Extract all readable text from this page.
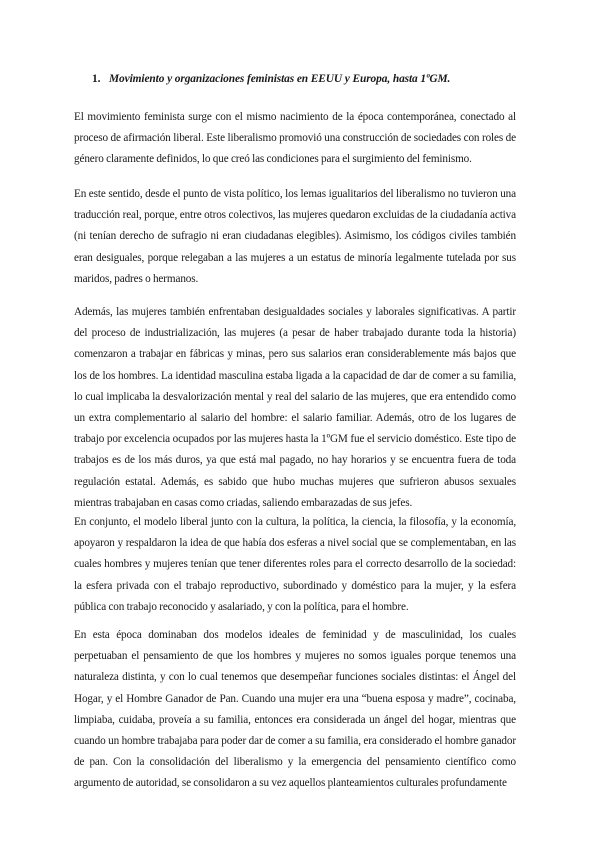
1. Movimiento y organizaciones feministas en EEUU y Europa, hasta 1ºGM.

El movimiento feminista surge con el mismo nacimiento de la época contemporánea, conectado al proceso de afirmación liberal. Este liberalismo promovió una construcción de sociedades con roles de género claramente definidos, lo que creó las condiciones para el surgimiento del feminismo.

En este sentido, desde el punto de vista político, los lemas igualitarios del liberalismo no tuvieron una traducción real, porque, entre otros colectivos, las mujeres quedaron excluidas de la ciudadanía activa (ni tenían derecho de sufragio ni eran ciudadanas elegibles). Asimismo, los códigos civiles también eran desiguales, porque relegaban a las mujeres a un estatus de minoría legalmente tutelada por sus maridos, padres o hermanos.

Además, las mujeres también enfrentaban desigualdades sociales y laborales significativas. A partir del proceso de industrialización, las mujeres (a pesar de haber trabajado durante toda la historia) comenzaron a trabajar en fábricas y minas, pero sus salarios eran considerablemente más bajos que los de los hombres. La identidad masculina estaba ligada a la capacidad de dar de comer a su familia, lo cual implicaba la desvalorización mental y real del salario de las mujeres, que era entendido como un extra complementario al salario del hombre: el salario familiar. Además, otro de los lugares de trabajo por excelencia ocupados por las mujeres hasta la 1ºGM fue el servicio doméstico. Este tipo de trabajos es de los más duros, ya que está mal pagado, no hay horarios y se encuentra fuera de toda regulación estatal. Además, es sabido que hubo muchas mujeres que sufrieron abusos sexuales mientras trabajaban en casas como criadas, saliendo embarazadas de sus jefes.

En conjunto, el modelo liberal junto con la cultura, la política, la ciencia, la filosofía, y la economía, apoyaron y respaldaron la idea de que había dos esferas a nivel social que se complementaban, en las cuales hombres y mujeres tenían que tener diferentes roles para el correcto desarrollo de la sociedad: la esfera privada con el trabajo reproductivo, subordinado y doméstico para la mujer, y la esfera pública con trabajo reconocido y asalariado, y con la política, para el hombre.

En esta época dominaban dos modelos ideales de feminidad y de masculinidad, los cuales perpetuaban el pensamiento de que los hombres y mujeres no somos iguales porque tenemos una naturaleza distinta, y con lo cual tenemos que desempeñar funciones sociales distintas: el Ángel del Hogar, y el Hombre Ganador de Pan. Cuando una mujer era una “buena esposa y madre”, cocinaba, limpiaba, cuidaba, proveía a su familia, entonces era considerada un ángel del hogar, mientras que cuando un hombre trabajaba para poder dar de comer a su familia, era considerado el hombre ganador de pan. Con la consolidación del liberalismo y la emergencia del pensamiento científico como argumento de autoridad, se consolidaron a su vez aquellos planteamientos culturales profundamente
